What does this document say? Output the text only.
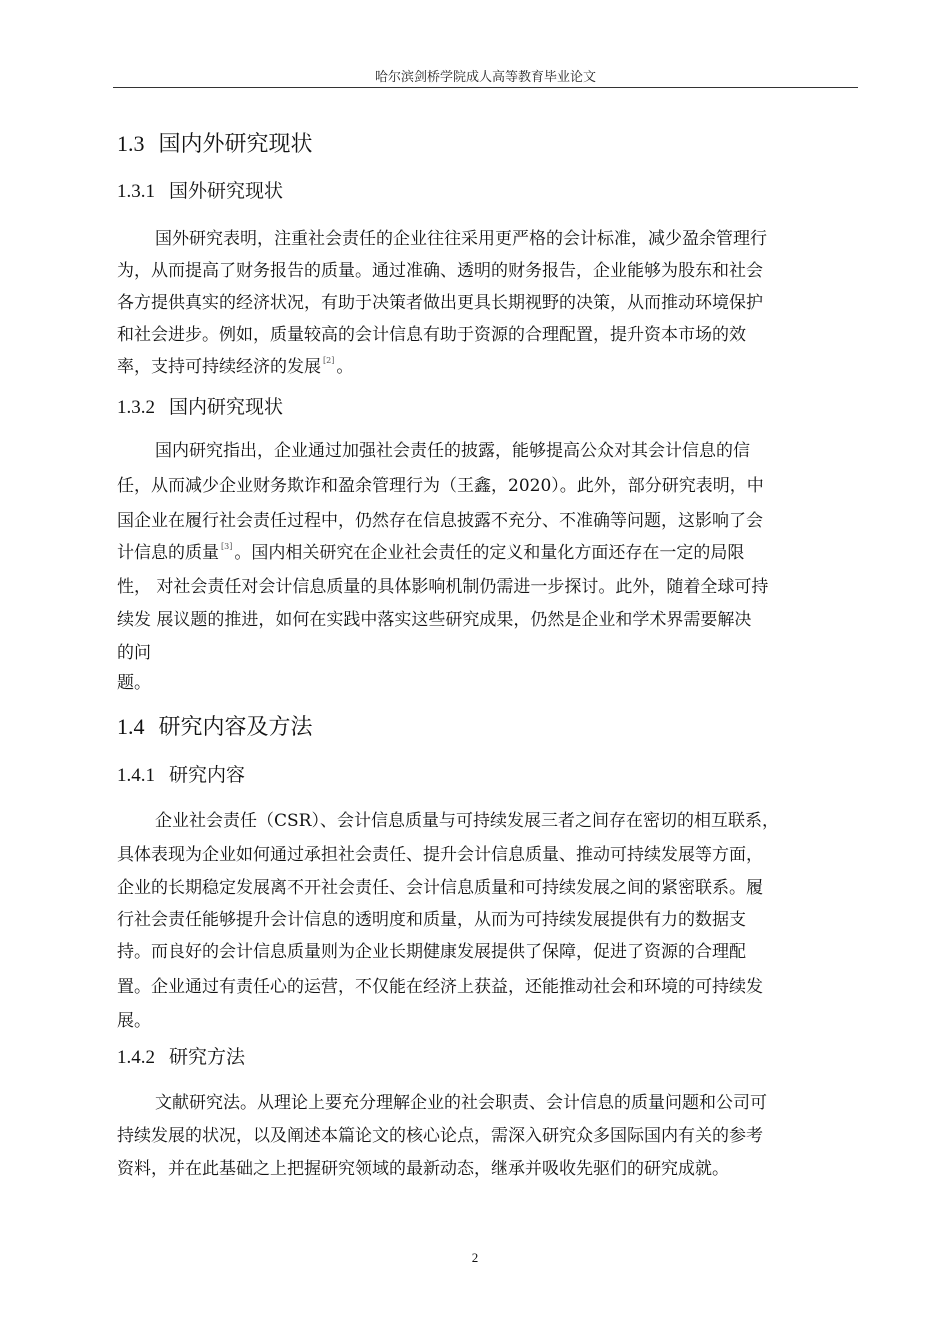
哈尔滨剑桥学院成人高等教育毕业论文
1.3 国内外研究现状
1.3.1 国外研究现状
国外研究表明，注重社会责任的企业往往采用更严格的会计标准，减少盈余管理行
为，从而提高了财务报告的质量。通过准确、透明的财务报告，企业能够为股东和社会
各方提供真实的经济状况，有助于决策者做出更具长期视野的决策，从而推动环境保护
和社会进步。例如，质量较高的会计信息有助于资源的合理配置，提升资本市场的效
率，支持可持续经济的发展 [2] 。
1.3.2 国内研究现状
国内研究指出，企业通过加强社会责任的披露，能够提高公众对其会计信息的信
任，从而减少企业财务欺诈和盈余管理行为（王鑫，2020）。此外，部分研究表明，中
国企业在履行社会责任过程中，仍然存在信息披露不充分、不准确等问题，这影响了会
计信息的质量 [3] 。国内相关研究在企业社会责任的定义和量化方面还存在一定的局限
性， 对社会责任对会计信息质量的具体影响机制仍需进一步探讨。此外，随着全球可持
续发 展议题的推进，如何在实践中落实这些研究成果，仍然是企业和学术界需要解决
的问
题。
1.4 研究内容及方法
1.4.1 研究内容
企业社会责任（CSR）、会计信息质量与可持续发展三者之间存在密切的相互联系，
具体表现为企业如何通过承担社会责任、提升会计信息质量、推动可持续发展等方面，
企业的长期稳定发展离不开社会责任、会计信息质量和可持续发展之间的紧密联系。履
行社会责任能够提升会计信息的透明度和质量，从而为可持续发展提供有力的数据支
持。而良好的会计信息质量则为企业长期健康发展提供了保障，促进了资源的合理配
置。企业通过有责任心的运营，不仅能在经济上获益，还能推动社会和环境的可持续发
展。
1.4.2 研究方法
文献研究法。从理论上要充分理解企业的社会职责、会计信息的质量问题和公司可
持续发展的状况，以及阐述本篇论文的核心论点，需深入研究众多国际国内有关的参考
资料，并在此基础之上把握研究领域的最新动态，继承并吸收先驱们的研究成就。
2
